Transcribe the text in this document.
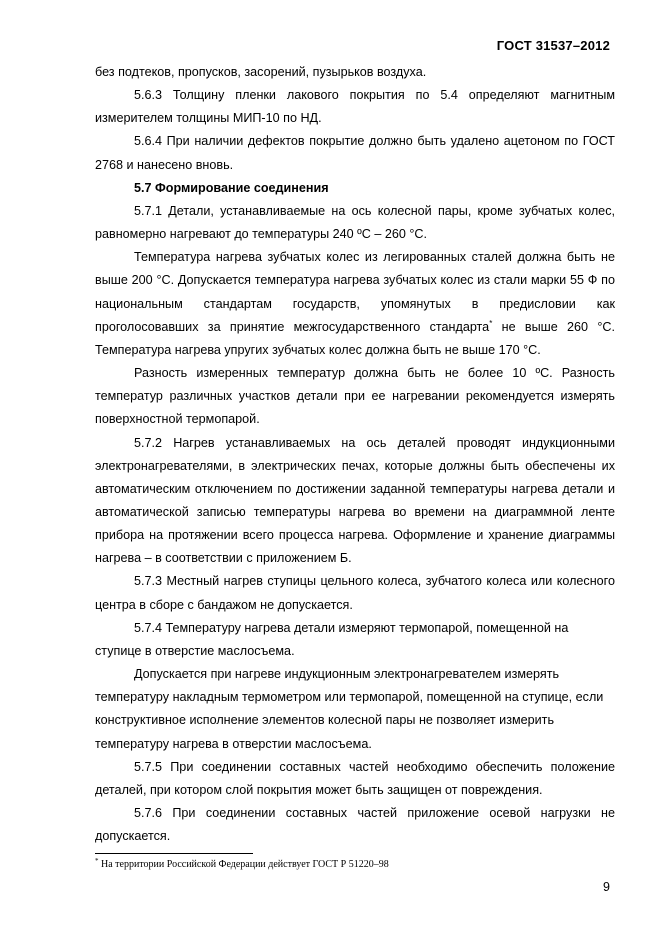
ГОСТ 31537–2012

без подтеков, пропусков, засорений, пузырьков воздуха.

5.6.3 Толщину пленки лакового покрытия по 5.4 определяют магнитным измерителем толщины МИП-10 по НД.

5.6.4 При наличии дефектов покрытие должно быть удалено ацетоном по ГОСТ 2768 и нанесено вновь.

5.7 Формирование соединения

5.7.1 Детали, устанавливаемые на ось колесной пары, кроме зубчатых колес, равномерно нагревают до температуры 240 ºС – 260 °С.

Температура нагрева зубчатых колес из легированных сталей должна быть не выше 200 °С. Допускается температура нагрева зубчатых колес из стали марки 55 Ф по национальным стандартам государств, упомянутых в предисловии как проголосовавших за принятие межгосударственного стандарта* не выше 260 °С. Температура нагрева упругих зубчатых колес должна быть не выше 170 °С.

Разность измеренных температур должна быть не более 10 ºС. Разность температур различных участков детали при ее нагревании рекомендуется измерять поверхностной термопарой.

5.7.2 Нагрев устанавливаемых на ось деталей проводят индукционными электронагревателями, в электрических печах, которые должны быть обеспечены их автоматическим отключением по достижении заданной температуры нагрева детали и автоматической записью температуры нагрева во времени на диаграммной ленте прибора на протяжении всего процесса нагрева. Оформление и хранение диаграммы нагрева – в соответствии с приложением Б.

5.7.3 Местный нагрев ступицы цельного колеса, зубчатого колеса или колесного центра в сборе с бандажом не допускается.

5.7.4 Температуру нагрева детали измеряют термопарой, помещенной на ступице в отверстие маслосъема.

Допускается при нагреве индукционным электронагревателем измерять температуру накладным термометром или термопарой, помещенной на ступице, если конструктивное исполнение элементов колесной пары не позволяет измерить температуру нагрева в отверстии маслосъема.

5.7.5 При соединении составных частей необходимо обеспечить положение деталей, при котором слой покрытия может быть защищен от повреждения.

5.7.6 При соединении составных частей приложение осевой нагрузки не допускается.

* На территории Российской Федерации действует ГОСТ Р 51220–98
9
